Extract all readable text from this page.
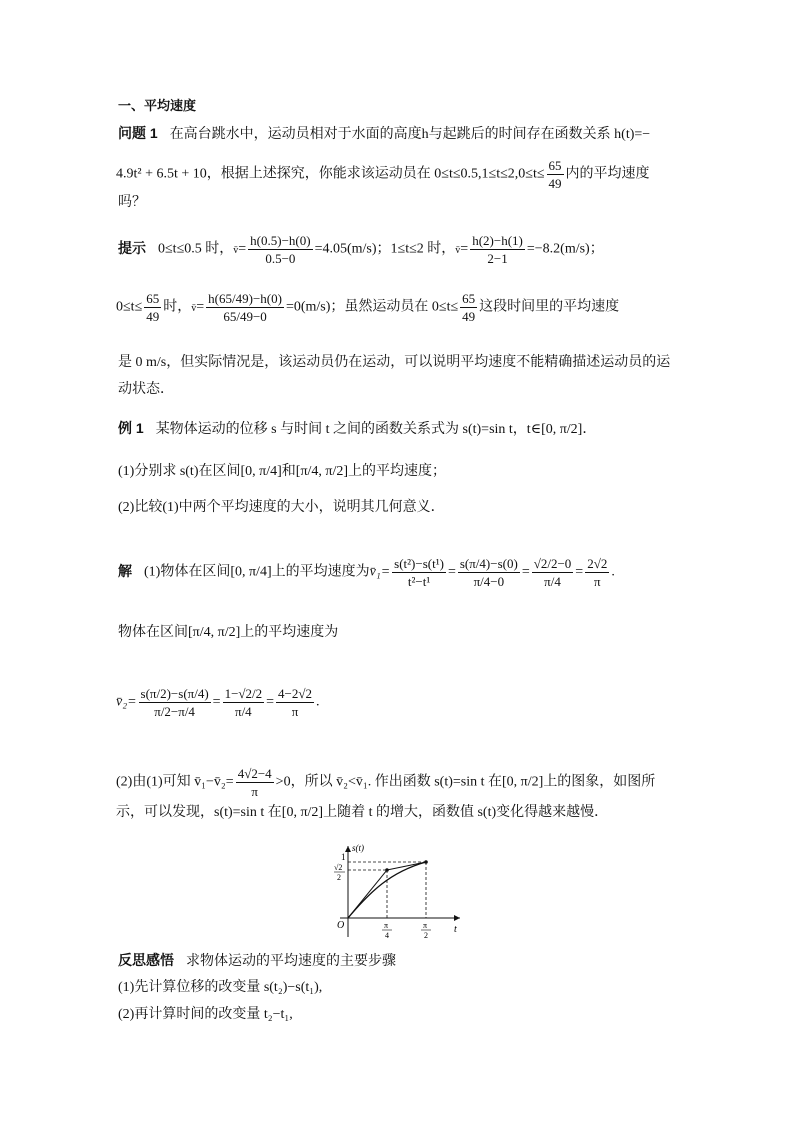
一、平均速度
问题 1 在高台跳水中，运动员相对于水面的高度h与起跳后的时间存在函数关系 h(t)=−
4.9t² + 6.5t + 10，根据上述探究，你能求该运动员在 $0\le t\le 0.5,1\le t\le 2,0\le t\le \frac{65}{49}$ 内的平均速度
吗？
提示 0≤t≤0.5 时，v̄= $\frac{h(0.5)-h(0)}{0.5-0} =4.05(m/s)$；1≤t≤2 时，v̄= $\frac{h(2)-h(1)}{2-1} =-8.2(m/s)$；
$0\le t\le \frac{65}{49}$ 时，v̄= $\frac{h(65/49)-h(0)}{65/49-0} =0(m/s)$；虽然运动员在 $0\le t\le \frac{65}{49}$ 这段时间里的平均速度
是 0 m/s，但实际情况是，该运动员仍在运动，可以说明平均速度不能精确描述运动员的运
动状态．
例 1 某物体运动的位移 s 与时间 t 之间的函数关系式为 s(t)=sin t，t∈[0, π/2]．
(1)分别求 s(t)在区间[0, π/4]和[π/4, π/2]上的平均速度；
(2)比较(1)中两个平均速度的大小，说明其几何意义．
解 (1)物体在区间[0, π/4]上的平均速度为v̄₁= $\frac{\text{s(t²)−s(t¹)}}{\text{t²−t¹}} = \frac{s(\pi/4)-s(0)}{\pi/4-0} = \frac{√2/2-0}{\pi/4} = \frac{2√2}{\pi}$ .
物体在区间[π/4, π/2]上的平均速度为
v̄₂= $\frac{s(\pi/2)-s(\pi/4)}{\pi/2-\pi/4} = \frac{1-√2/2}{\pi/4} = \frac{4-2√2}{\pi}$ .
(2)由(1)可知 v̄₁−v̄₂= $\frac{4√2-4}{\pi} >0$，所以 v̄₂<v̄₁. 作出函数 s(t)=sin t 在[0, π/2]上的图象，如图所
示，可以发现，s(t)=sin t 在[0, π/2]上随着 t 的增大，函数值 s(t)变化得越来越慢．
s(t)
t
O
1
√2
2
π
4
π
2
反思感悟 求物体运动的平均速度的主要步骤
(1)先计算位移的改变量 s(t₂)−s(t₁),
(2)再计算时间的改变量 t₂−t₁,
